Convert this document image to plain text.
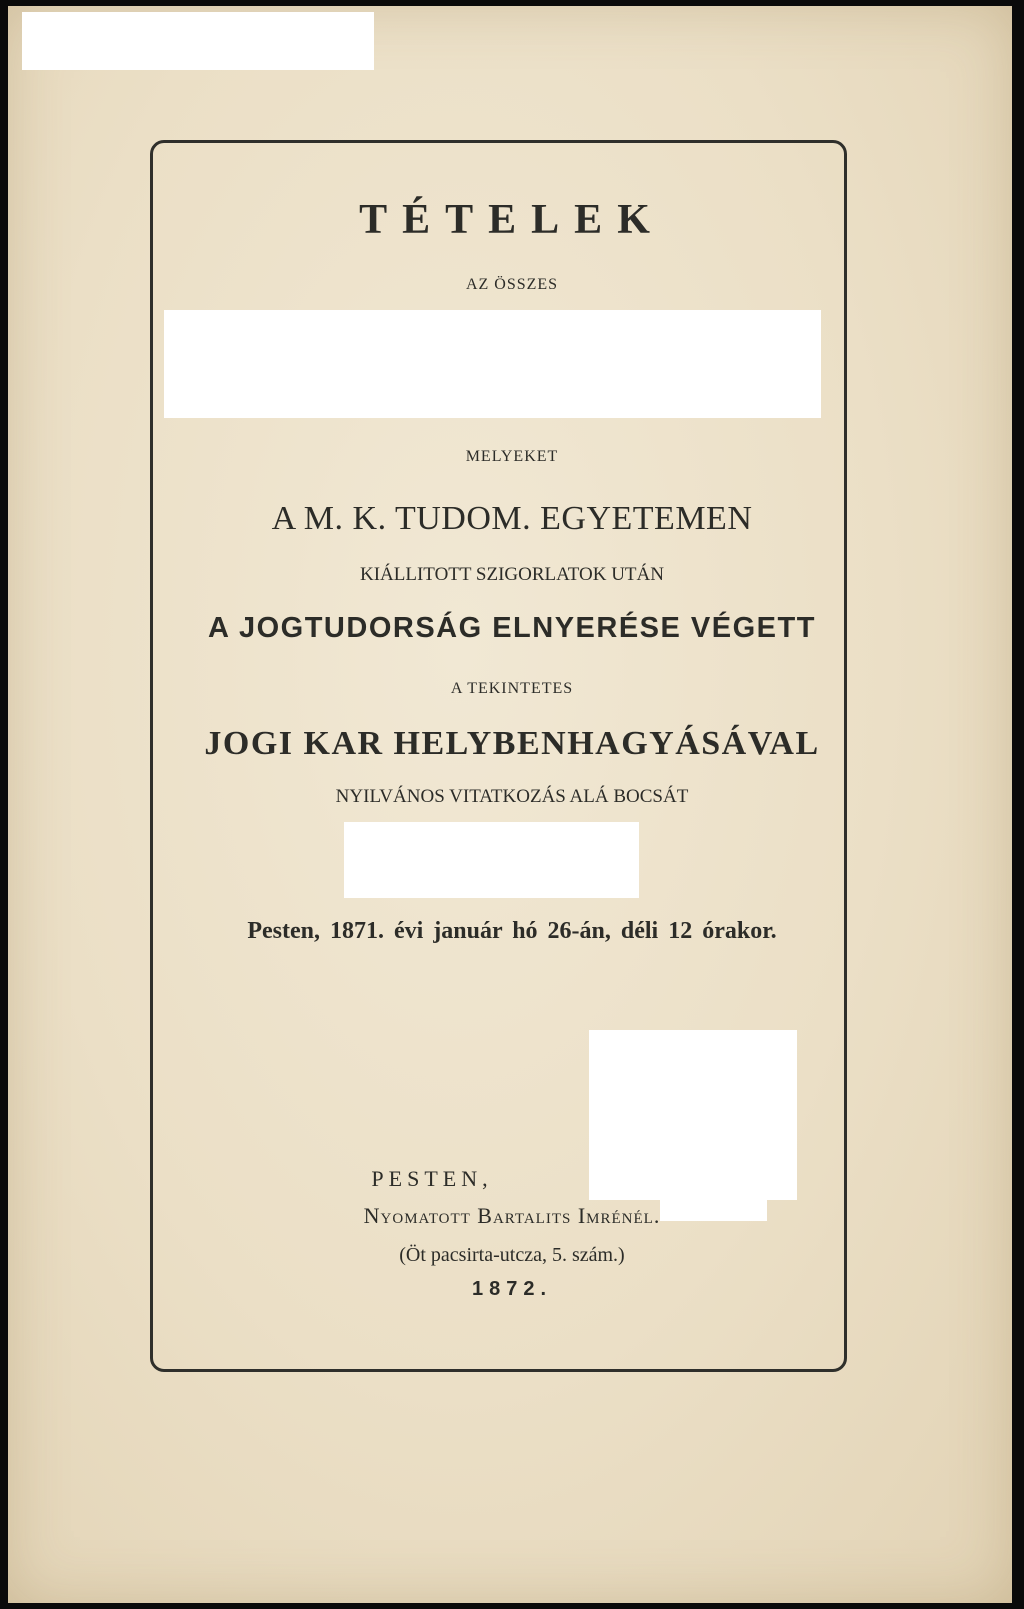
TÉTELEK
AZ ÖSSZES
MELYEKET
A M. K. TUDOM. EGYETEMEN
KIÁLLITOTT SZIGORLATOK UTÁN
A JOGTUDORSÁG ELNYERÉSE VÉGETT
A TEKINTETES
JOGI KAR HELYBENHAGYÁSÁVAL
NYILVÁNOS VITATKOZÁS ALÁ BOCSÁT
Pesten, 1871. évi január hó 26-án, déli 12 órakor.
PESTEN,
Nyomatott Bartalits Imrénél.
(Öt pacsirta-utcza, 5. szám.)
1872.
